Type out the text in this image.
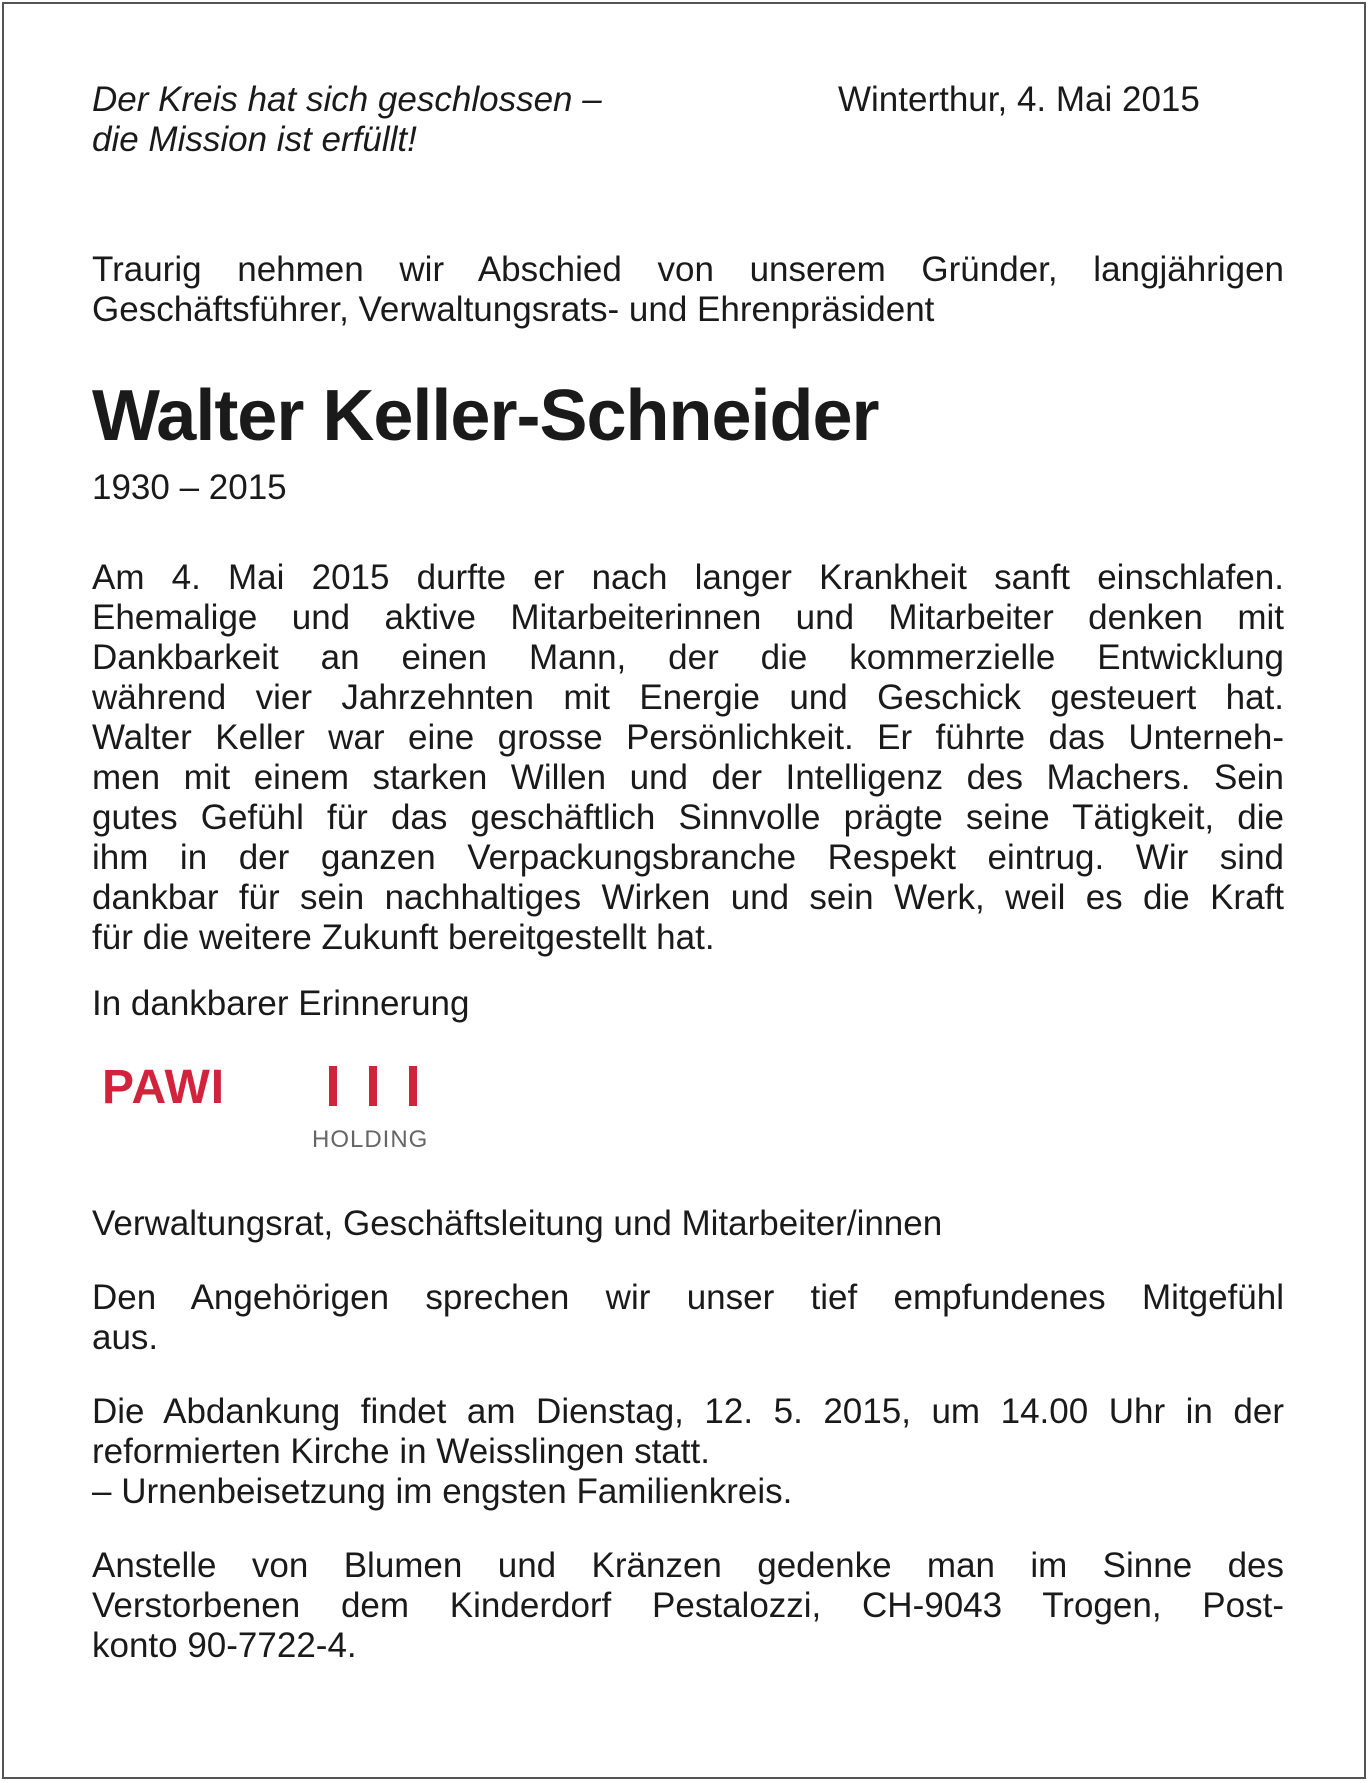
Der Kreis hat sich geschlossen –
die Mission ist erfüllt!
Winterthur, 4. Mai 2015
Traurig nehmen wir Abschied von unserem Gründer, langjährigen
Geschäftsführer, Verwaltungsrats- und Ehrenpräsident
Walter Keller-Schneider
1930 – 2015
Am 4. Mai 2015 durfte er nach langer Krankheit sanft einschlafen.
Ehemalige und aktive Mitarbeiterinnen und Mitarbeiter denken mit
Dankbarkeit an einen Mann, der die kommerzielle Entwicklung
während vier Jahrzehnten mit Energie und Geschick gesteuert hat.
Walter Keller war eine grosse Persönlichkeit. Er führte das Unterneh-
men mit einem starken Willen und der Intelligenz des Machers. Sein
gutes Gefühl für das geschäftlich Sinnvolle prägte seine Tätigkeit, die
ihm in der ganzen Verpackungsbranche Respekt eintrug. Wir sind
dankbar für sein nachhaltiges Wirken und sein Werk, weil es die Kraft
für die weitere Zukunft bereitgestellt hat.
In dankbarer Erinnerung
PAWI
HOLDING
Verwaltungsrat, Geschäftsleitung und Mitarbeiter/innen
Den Angehörigen sprechen wir unser tief empfundenes Mitgefühl
aus.
Die Abdankung findet am Dienstag, 12. 5. 2015, um 14.00 Uhr in der
reformierten Kirche in Weisslingen statt.
– Urnenbeisetzung im engsten Familienkreis.
Anstelle von Blumen und Kränzen gedenke man im Sinne des
Verstorbenen dem Kinderdorf Pestalozzi, CH-9043 Trogen, Post-
konto 90-7722-4.
